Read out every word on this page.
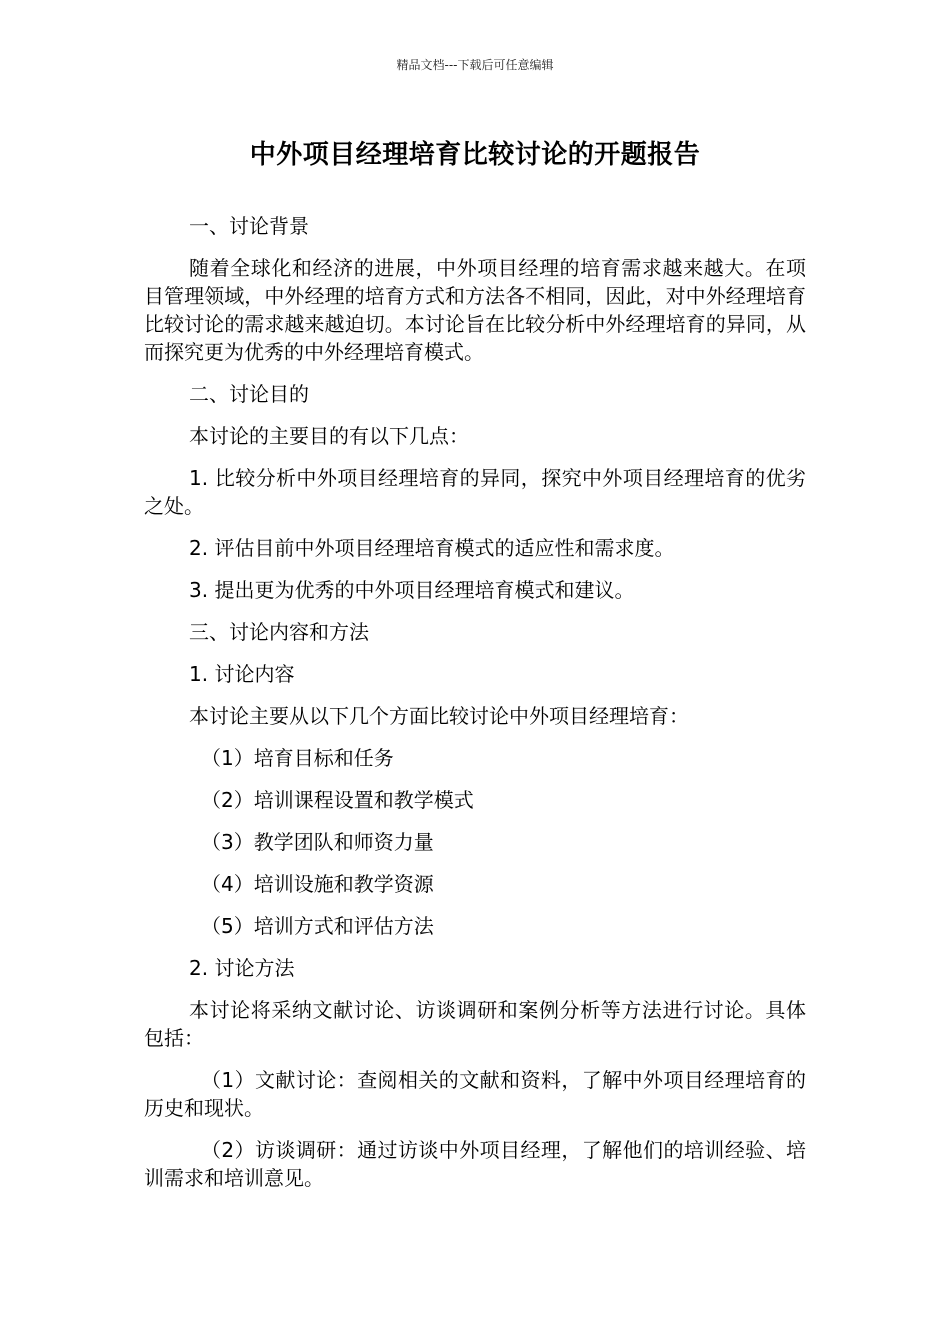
精品文档---下载后可任意编辑
中外项目经理培育比较讨论的开题报告

一、讨论背景

随着全球化和经济的进展，中外项目经理的培育需求越来越大。在项目管理领域，中外经理的培育方式和方法各不相同，因此，对中外经理培育比较讨论的需求越来越迫切。本讨论旨在比较分析中外经理培育的异同，从而探究更为优秀的中外经理培育模式。

二、讨论目的

本讨论的主要目的有以下几点：

1. 比较分析中外项目经理培育的异同，探究中外项目经理培育的优劣之处。

2. 评估目前中外项目经理培育模式的适应性和需求度。

3. 提出更为优秀的中外项目经理培育模式和建议。

三、讨论内容和方法

1. 讨论内容

本讨论主要从以下几个方面比较讨论中外项目经理培育：

（1）培育目标和任务

（2）培训课程设置和教学模式

（3）教学团队和师资力量

（4）培训设施和教学资源

（5）培训方式和评估方法

2. 讨论方法

本讨论将采纳文献讨论、访谈调研和案例分析等方法进行讨论。具体包括：

（1）文献讨论：查阅相关的文献和资料，了解中外项目经理培育的历史和现状。

（2）访谈调研：通过访谈中外项目经理，了解他们的培训经验、培训需求和培训意见。
